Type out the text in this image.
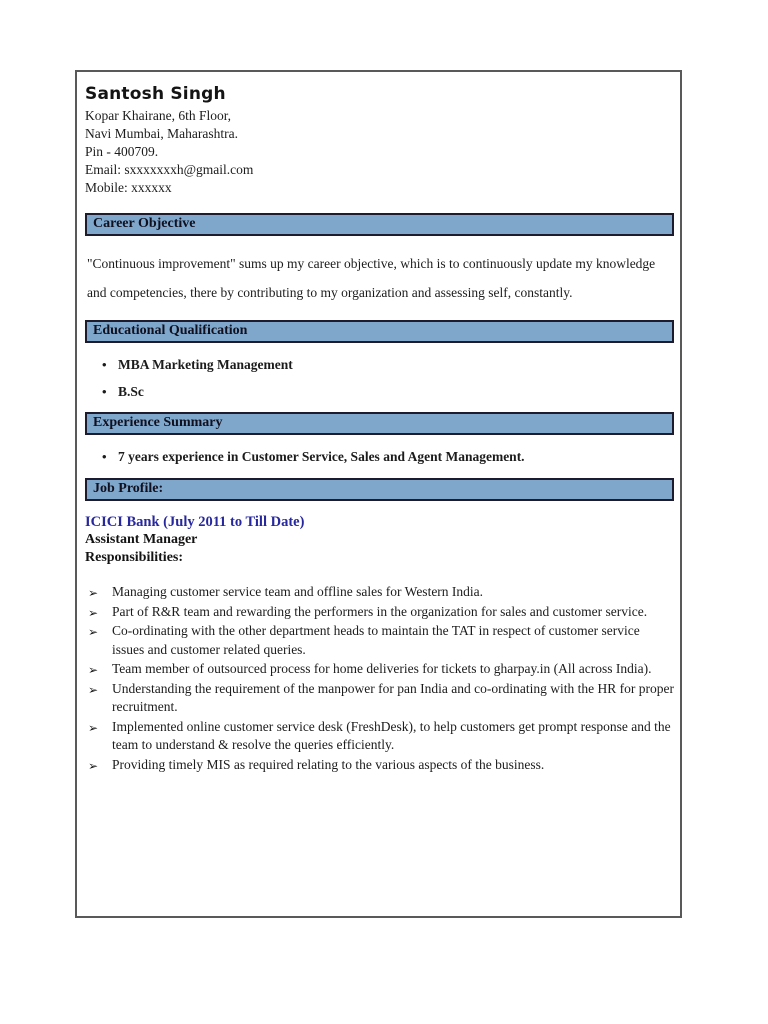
Santosh Singh
Kopar Khairane, 6th Floor,
Navi Mumbai, Maharashtra.
Pin - 400709.
Email: sxxxxxxxh@gmail.com
Mobile: xxxxxx
Career Objective

"Continuous improvement" sums up my career objective, which is to continuously update my knowledge and competencies, there by contributing to my organization and assessing self, constantly.

Educational Qualification
• MBA Marketing Management
• B.Sc
Experience Summary
• 7 years experience in Customer Service, Sales and Agent Management.
Job Profile:
ICICI Bank (July 2011 to Till Date)
Assistant Manager
Responsibilities:
➢ Managing customer service team and offline sales for Western India.
➢ Part of R&R team and rewarding the performers in the organization for sales and customer service.
➢ Co-ordinating with the other department heads to maintain the TAT in respect of customer service issues and customer related queries.
➢ Team member of outsourced process for home deliveries for tickets to gharpay.in (All across India).
➢ Understanding the requirement of the manpower for pan India and co-ordinating with the HR for proper recruitment.
➢ Implemented online customer service desk (FreshDesk), to help customers get prompt response and the team to understand & resolve the queries efficiently.
➢ Providing timely MIS as required relating to the various aspects of the business.
